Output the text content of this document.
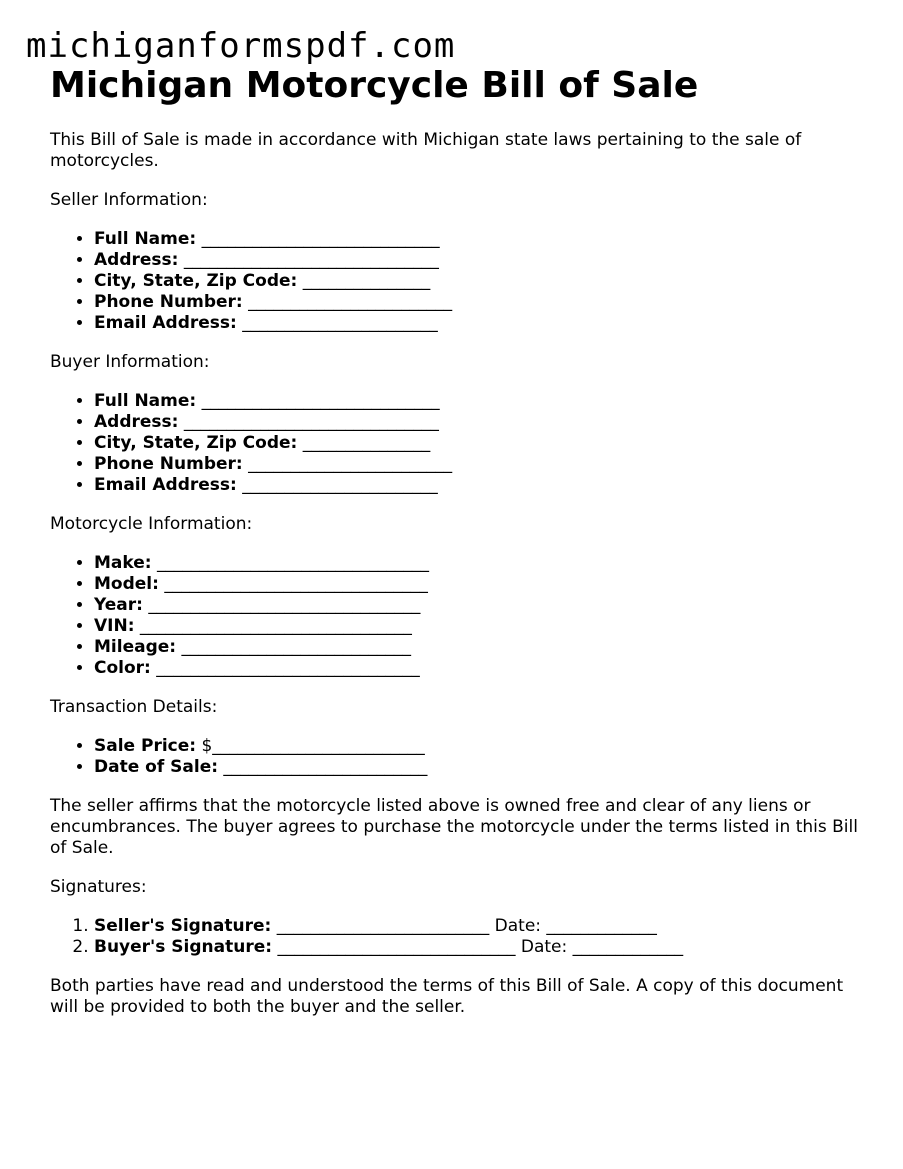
michiganformspdf.com
Michigan Motorcycle Bill of Sale

This Bill of Sale is made in accordance with Michigan state laws pertaining to the sale of motorcycles.

Seller Information:

• Full Name: ____________________________
• Address: ______________________________
• City, State, Zip Code: _______________
• Phone Number: ________________________
• Email Address: _______________________

Buyer Information:

• Full Name: ____________________________
• Address: ______________________________
• City, State, Zip Code: _______________
• Phone Number: ________________________
• Email Address: _______________________

Motorcycle Information:

• Make: ________________________________
• Model: _______________________________
• Year: ________________________________
• VIN: ________________________________
• Mileage: ___________________________
• Color: _______________________________

Transaction Details:

• Sale Price: $_________________________
• Date of Sale: ________________________

The seller affirms that the motorcycle listed above is owned free and clear of any liens or encumbrances. The buyer agrees to purchase the motorcycle under the terms listed in this Bill of Sale.

Signatures:

1. Seller's Signature: _________________________ Date: _____________
2. Buyer's Signature: ____________________________ Date: _____________

Both parties have read and understood the terms of this Bill of Sale. A copy of this document will be provided to both the buyer and the seller.
